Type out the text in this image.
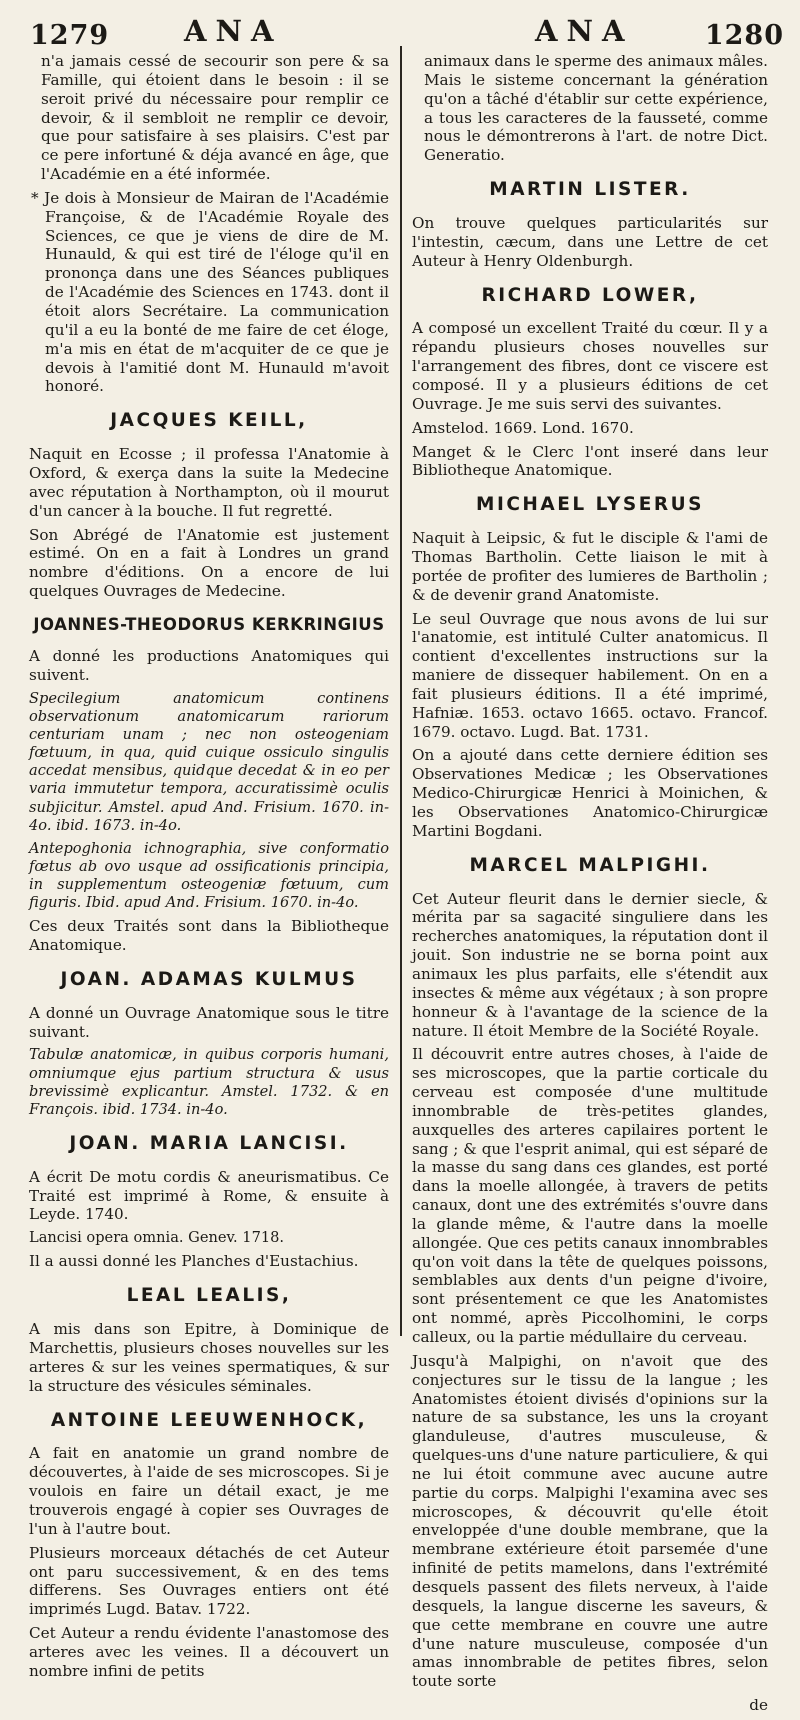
1279	ANA	ANA	1280

n'a jamais cessé de secourir son pere & sa Famille, qui étoient dans le besoin : il se seroit privé du nécessaire pour remplir ce devoir, & il sembloit ne remplir ce devoir, que pour satisfaire à ses plaisirs. C'est par ce pere infortuné & déja avancé en âge, que l'Académie en a été informée.

* Je dois à Monsieur de Mairan de l'Académie Françoise, & de l'Académie Royale des Sciences, ce que je viens de dire de M. Hunauld, & qui est tiré de l'éloge qu'il en prononça dans une des Séances publiques de l'Académie des Sciences en 1743. dont il étoit alors Secrétaire. La communication qu'il a eu la bonté de me faire de cet éloge, m'a mis en état de m'acquiter de ce que je devois à l'amitié dont M. Hunauld m'avoit honoré.

JACQUES KEILL,

Naquit en Ecosse ; il professa l'Anatomie à Oxford, & exerça dans la suite la Medecine avec réputation à Northampton, où il mourut d'un cancer à la bouche. Il fut regretté.

Son Abrégé de l'Anatomie est justement estimé. On en a fait à Londres un grand nombre d'éditions. On a encore de lui quelques Ouvrages de Medecine.

JOANNES-THEODORUS KERKRINGIUS

A donné les productions Anatomiques qui suivent.

Specilegium anatomicum continens observationum anatomicarum rariorum centuriam unam ; nec non osteogeniam fœtuum, in qua, quid cuique ossiculo singulis accedat mensibus, quidque decedat & in eo per varia immutetur tempora, accuratissimè oculis subjicitur. Amstel. apud And. Frisium. 1670. in-4o. ibid. 1673. in-4o.

Antepoghonia ichnographia, sive conformatio fœtus ab ovo usque ad ossificationis principia, in supplementum osteogeniæ fœtuum, cum figuris. Ibid. apud And. Frisium. 1670. in-4o.

Ces deux Traités sont dans la Bibliotheque Anatomique.

JOAN. ADAMAS KULMUS

A donné un Ouvrage Anatomique sous le titre suivant.

Tabulæ anatomicæ, in quibus corporis humani, omniumque ejus partium structura & usus brevissimè explicantur. Amstel. 1732. & en François. ibid. 1734. in-4o.

JOAN. MARIA LANCISI.

A écrit De motu cordis & aneurismatibus. Ce Traité est imprimé à Rome, & ensuite à Leyde. 1740.

Lancisi opera omnia. Genev. 1718.

Il a aussi donné les Planches d'Eustachius.

LEAL LEALIS,

A mis dans son Epitre, à Dominique de Marchettis, plusieurs choses nouvelles sur les arteres & sur les veines spermatiques, & sur la structure des vésicules séminales.

ANTOINE LEEUWENHOCK,

A fait en anatomie un grand nombre de découvertes, à l'aide de ses microscopes. Si je voulois en faire un détail exact, je me trouverois engagé à copier ses Ouvrages de l'un à l'autre bout.

Plusieurs morceaux détachés de cet Auteur ont paru successivement, & en des tems differens. Ses Ouvrages entiers ont été imprimés Lugd. Batav. 1722.

Cet Auteur a rendu évidente l'anastomose des arteres avec les veines. Il a découvert un nombre infini de petits

animaux dans le sperme des animaux mâles. Mais le sisteme concernant la génération qu'on a tâché d'établir sur cette expérience, a tous les caracteres de la fausseté, comme nous le démontrerons à l'art. de notre Dict. Generatio.

MARTIN LISTER.

On trouve quelques particularités sur l'intestin, cæcum, dans une Lettre de cet Auteur à Henry Oldenburgh.

RICHARD LOWER,

A composé un excellent Traité du cœur. Il y a répandu plusieurs choses nouvelles sur l'arrangement des fibres, dont ce viscere est composé. Il y a plusieurs éditions de cet Ouvrage. Je me suis servi des suivantes.

Amstelod. 1669. Lond. 1670.

Manget & le Clerc l'ont inseré dans leur Bibliotheque Anatomique.

MICHAEL LYSERUS

Naquit à Leipsic, & fut le disciple & l'ami de Thomas Bartholin. Cette liaison le mit à portée de profiter des lumieres de Bartholin ; & de devenir grand Anatomiste.

Le seul Ouvrage que nous avons de lui sur l'anatomie, est intitulé Culter anatomicus. Il contient d'excellentes instructions sur la maniere de dissequer habilement. On en a fait plusieurs éditions. Il a été imprimé, Hafniæ. 1653. octavo 1665. octavo. Francof. 1679. octavo. Lugd. Bat. 1731.

On a ajouté dans cette derniere édition ses Observationes Medicæ ; les Observationes Medico-Chirurgicæ Henrici à Moinichen, & les Observationes Anatomico-Chirurgicæ Martini Bogdani.

MARCEL MALPIGHI.

Cet Auteur fleurit dans le dernier siecle, & mérita par sa sagacité singuliere dans les recherches anatomiques, la réputation dont il jouit. Son industrie ne se borna point aux animaux les plus parfaits, elle s'étendit aux insectes & même aux végétaux ; à son propre honneur & à l'avantage de la science de la nature. Il étoit Membre de la Société Royale.

Il découvrit entre autres choses, à l'aide de ses microscopes, que la partie corticale du cerveau est composée d'une multitude innombrable de très-petites glandes, auxquelles des arteres capilaires portent le sang ; & que l'esprit animal, qui est séparé de la masse du sang dans ces glandes, est porté dans la moelle allongée, à travers de petits canaux, dont une des extrémités s'ouvre dans la glande même, & l'autre dans la moelle allongée. Que ces petits canaux innombrables qu'on voit dans la tête de quelques poissons, semblables aux dents d'un peigne d'ivoire, sont présentement ce que les Anatomistes ont nommé, après Piccolhomini, le corps calleux, ou la partie médullaire du cerveau.

Jusqu'à Malpighi, on n'avoit que des conjectures sur le tissu de la langue ; les Anatomistes étoient divisés d'opinions sur la nature de sa substance, les uns la croyant glanduleuse, d'autres musculeuse, & quelques-uns d'une nature particuliere, & qui ne lui étoit commune avec aucune autre partie du corps. Malpighi l'examina avec ses microscopes, & découvrit qu'elle étoit enveloppée d'une double membrane, que la membrane extérieure étoit parsemée d'une infinité de petits mamelons, dans l'extrémité desquels passent des filets nerveux, à l'aide desquels, la langue discerne les saveurs, & que cette membrane en couvre une autre d'une nature musculeuse, composée d'un amas innombrable de petites fibres, selon toute sorte

de
